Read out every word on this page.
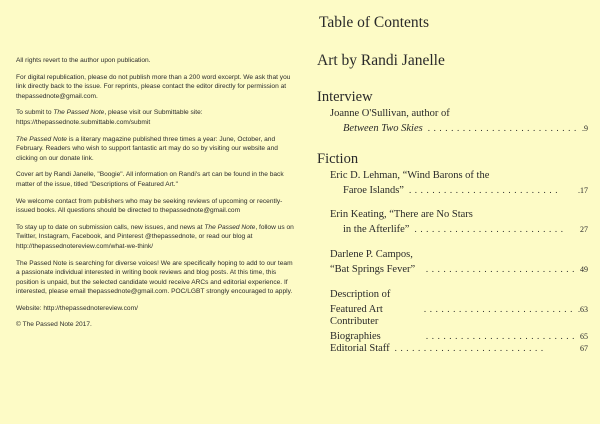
All rights revert to the author upon publication.

For digital republication, please do not publish more than a 200 word excerpt. We ask that you link directly back to the issue. For reprints, please contact the editor directly for permission at thepassednote@gmail.com.

To submit to The Passed Note, please visit our Submittable site: https://thepassednote.submittable.com/submit

The Passed Note is a literary magazine published three times a year: June, October, and February. Readers who wish to support fantastic art may do so by visiting our website and clicking on our donate link.

Cover art by Randi Janelle, "Boogie". All information on Randi's art can be found in the back matter of the issue, titled "Descriptions of Featured Art."

We welcome contact from publishers who may be seeking reviews of upcoming or recently-issued books. All questions should be directed to thepassednote@gmail.com

To stay up to date on submission calls, new issues, and news at The Passed Note, follow us on Twitter, Instagram, Facebook, and Pinterest @thepassednote, or read our blog at http://thepassednotereview.com/what-we-think/

The Passed Note is searching for diverse voices! We are specifically hoping to add to our team a passionate individual interested in writing book reviews and blog posts. At this time, this position is unpaid, but the selected candidate would receive ARCs and editorial experience. If interested, please email thepassednote@gmail.com. POC/LGBT strongly encouraged to apply.

Website: http://thepassednotereview.com/

© The Passed Note 2017.

Table of Contents
Art by Randi Janelle
Interview
Joanne O'Sullivan, author of
Between Two Skies .......................... .9
Fiction
Eric D. Lehman, “Wind Barons of the
Faroe Islands” ..........................	.17
Erin Keating, “There are No Stars
in the Afterlife” ..........................	27
Darlene P. Campos, “Bat Springs Fever”	.......................... 49
Description of Featured Art	.......................... .63
Contributer Biographies	.......................... 65
Editorial Staff ..........................	67
